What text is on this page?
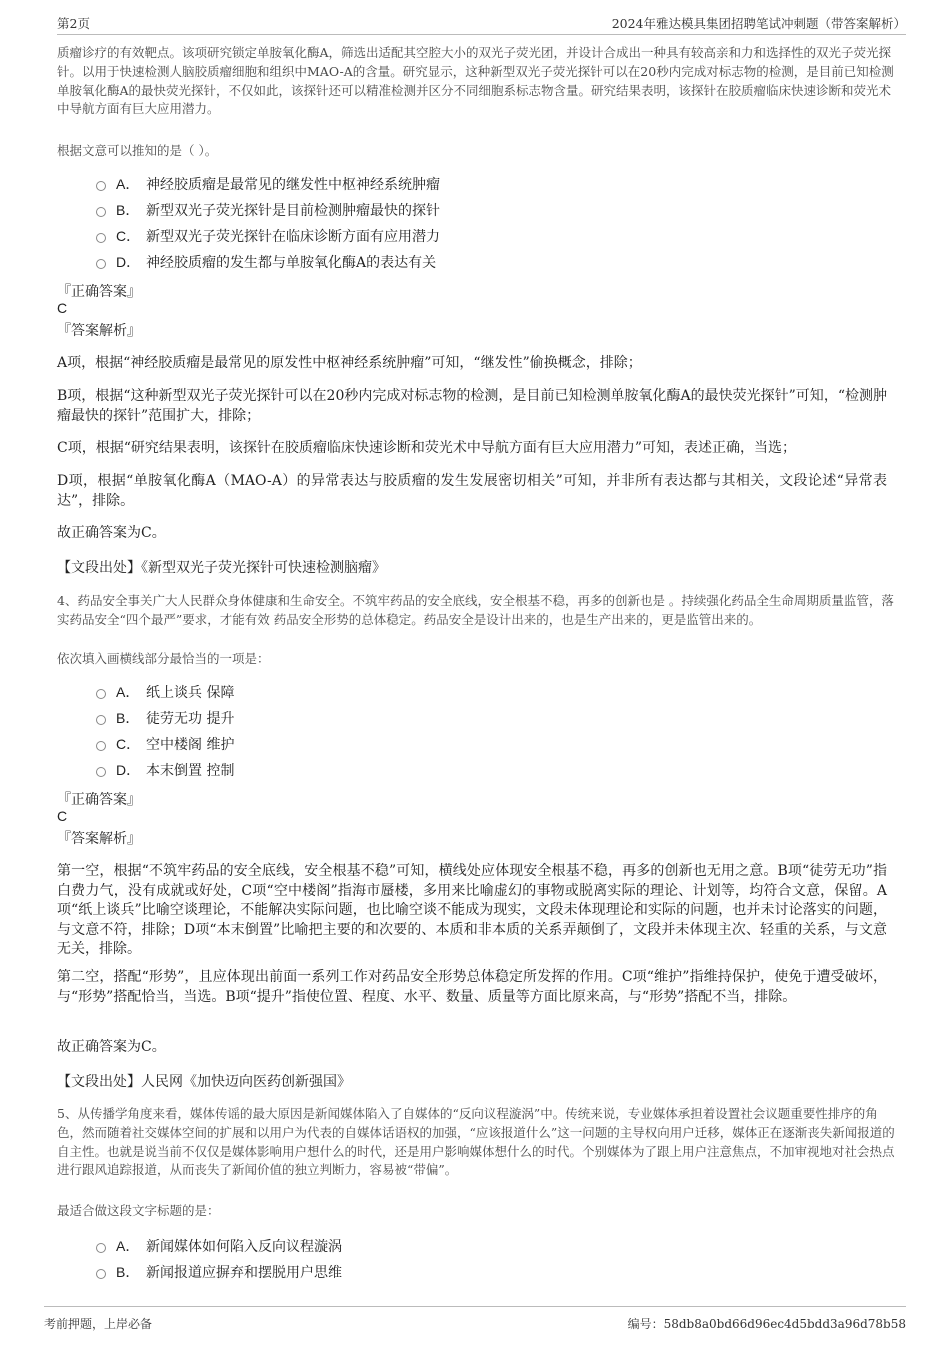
第2页	2024年雅达模具集团招聘笔试冲刺题（带答案解析）

质瘤诊疗的有效靶点。该项研究锁定单胺氧化酶A，筛选出适配其空腔大小的双光子荧光团，并设计合成出一种具有较高亲和力和选择性的双光子荧光探针。以用于快速检测人脑胶质瘤细胞和组织中MAO-A的含量。研究显示，这种新型双光子荧光探针可以在20秒内完成对标志物的检测，是目前已知检测单胺氧化酶A的最快荧光探针，不仅如此，该探针还可以精准检测并区分不同细胞系标志物含量。研究结果表明，该探针在胶质瘤临床快速诊断和荧光术中导航方面有巨大应用潜力。

根据文意可以推知的是（ ）。
A． 神经胶质瘤是最常见的继发性中枢神经系统肿瘤
B． 新型双光子荧光探针是目前检测肿瘤最快的探针
C． 新型双光子荧光探针在临床诊断方面有应用潜力
D． 神经胶质瘤的发生都与单胺氧化酶A的表达有关
『正确答案』
C
『答案解析』

A项，根据“神经胶质瘤是最常见的原发性中枢神经系统肿瘤”可知，“继发性”偷换概念，排除；

B项，根据“这种新型双光子荧光探针可以在20秒内完成对标志物的检测，是目前已知检测单胺氧化酶A的最快荧光探针”可知，“检测肿瘤最快的探针”范围扩大，排除；

C项，根据“研究结果表明，该探针在胶质瘤临床快速诊断和荧光术中导航方面有巨大应用潜力”可知，表述正确，当选；

D项，根据“单胺氧化酶A（MAO-A）的异常表达与胶质瘤的发生发展密切相关”可知，并非所有表达都与其相关，文段论述“异常表达”，排除。

故正确答案为C。

【文段出处】《新型双光子荧光探针可快速检测脑瘤》

4、药品安全事关广大人民群众身体健康和生命安全。不筑牢药品的安全底线，安全根基不稳，再多的创新也是 。持续强化药品全生命周期质量监管，落实药品安全“四个最严”要求，才能有效 药品安全形势的总体稳定。药品安全是设计出来的，也是生产出来的，更是监管出来的。

依次填入画横线部分最恰当的一项是：
A． 纸上谈兵 保障
B． 徒劳无功 提升
C． 空中楼阁 维护
D． 本末倒置 控制
『正确答案』
C
『答案解析』

第一空，根据“不筑牢药品的安全底线，安全根基不稳”可知，横线处应体现安全根基不稳，再多的创新也无用之意。B项“徒劳无功”指白费力气，没有成就或好处，C项“空中楼阁”指海市蜃楼，多用来比喻虚幻的事物或脱离实际的理论、计划等，均符合文意，保留。A项“纸上谈兵”比喻空谈理论，不能解决实际问题，也比喻空谈不能成为现实，文段未体现理论和实际的问题，也并未讨论落实的问题，与文意不符，排除；D项“本末倒置”比喻把主要的和次要的、本质和非本质的关系弄颠倒了，文段并未体现主次、轻重的关系，与文意无关，排除。

第二空，搭配“形势”，且应体现出前面一系列工作对药品安全形势总体稳定所发挥的作用。C项“维护”指维持保护，使免于遭受破坏，与“形势”搭配恰当，当选。B项“提升”指使位置、程度、水平、数量、质量等方面比原来高，与“形势”搭配不当，排除。

故正确答案为C。

【文段出处】人民网《加快迈向医药创新强国》

5、从传播学角度来看，媒体传谣的最大原因是新闻媒体陷入了自媒体的“反向议程漩涡”中。传统来说，专业媒体承担着设置社会议题重要性排序的角色，然而随着社交媒体空间的扩展和以用户为代表的自媒体话语权的加强，“应该报道什么”这一问题的主导权向用户迁移，媒体正在逐渐丧失新闻报道的自主性。也就是说当前不仅仅是媒体影响用户想什么的时代，还是用户影响媒体想什么的时代。个别媒体为了跟上用户注意焦点，不加审视地对社会热点进行跟风追踪报道，从而丧失了新闻价值的独立判断力，容易被“带偏”。

最适合做这段文字标题的是：
A． 新闻媒体如何陷入反向议程漩涡
B． 新闻报道应摒弃和摆脱用户思维
考前押题，上岸必备	编号：58db8a0bd66d96ec4d5bdd3a96d78b58
